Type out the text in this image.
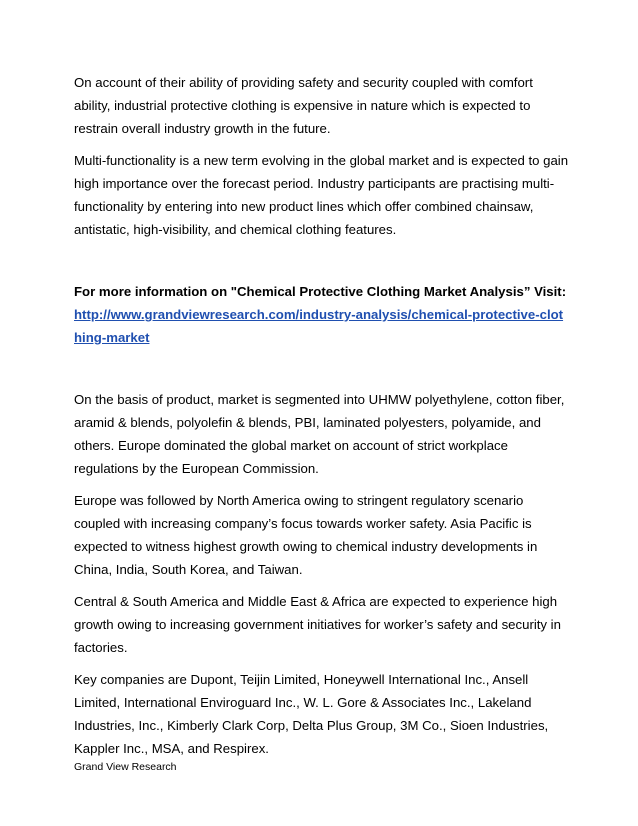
On account of their ability of providing safety and security coupled with comfort ability, industrial protective clothing is expensive in nature which is expected to restrain overall industry growth in the future.

Multi-functionality is a new term evolving in the global market and is expected to gain high importance over the forecast period. Industry participants are practising multi-functionality by entering into new product lines which offer combined chainsaw, antistatic, high-visibility, and chemical clothing features.

For more information on "Chemical Protective Clothing Market Analysis” Visit:
http://www.grandviewresearch.com/industry-analysis/chemical-protective-clothing-market

On the basis of product, market is segmented into UHMW polyethylene, cotton fiber, aramid & blends, polyolefin & blends, PBI, laminated polyesters, polyamide, and others. Europe dominated the global market on account of strict workplace regulations by the European Commission.

Europe was followed by North America owing to stringent regulatory scenario coupled with increasing company’s focus towards worker safety. Asia Pacific is expected to witness highest growth owing to chemical industry developments in China, India, South Korea, and Taiwan.

Central & South America and Middle East & Africa are expected to experience high growth owing to increasing government initiatives for worker’s safety and security in factories.

Key companies are Dupont, Teijin Limited, Honeywell International Inc., Ansell Limited, International Enviroguard Inc., W. L. Gore & Associates Inc., Lakeland Industries, Inc., Kimberly Clark Corp, Delta Plus Group, 3M Co., Sioen Industries, Kappler Inc., MSA, and Respirex.

Grand View Research
